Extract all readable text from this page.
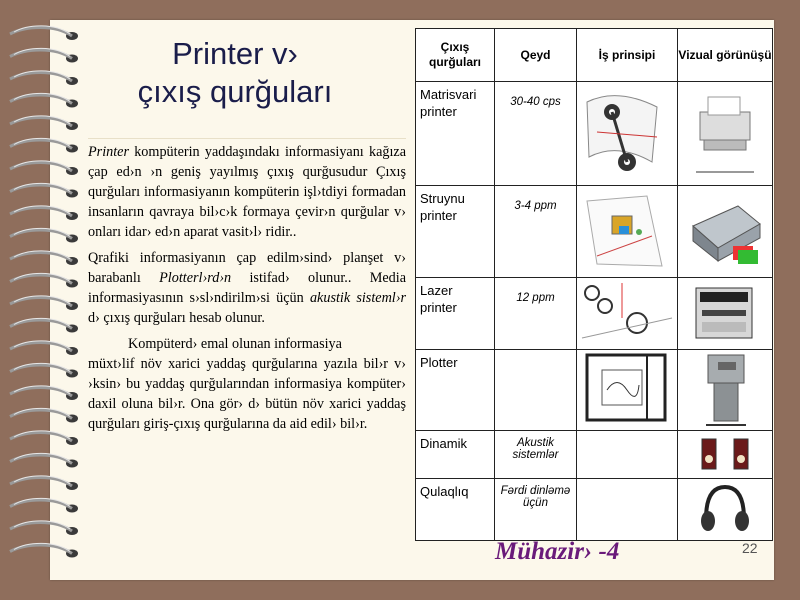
Printer v›
çıxış qurğuları

Printer kompüterin yaddaşındakı informasiyanı kağıza çap ed›n ›n geniş yayılmış çıxış qurğusudur Çıxış qurğuları informasiyanın kompüterin işl›tdiyi formadan insanların qavraya bil›c›k formaya çevir›n qurğular v› onları idar› ed›n aparat vasit›l› ridir..

Qrafiki informasiyanın çap edilm›sind› planşet v› barabanlı Plotterl›rd›n istifad› olunur.. Media informasiyasının s›sl›ndirilm›si üçün akustik sisteml›r d› çıxış qurğuları hesab olunur.

Kompüterd› emal olunan informasiya
müxt›lif növ xarici yaddaş qurğularına yazıla bil›r v› ›ksin› bu yaddaş qurğularından informasiya kompüter› daxil oluna bil›r. Ona gör› d› bütün növ xarici yaddaş qurğuları giriş-çıxış qurğularına da aid edil› bil›r.

Çıxış qurğuları	Qeyd	İş prinsipi	Vizual görünüşü
Matrisvari printer	30-40 cps	

Struynu printer	3-4 ppm	

Lazer printer	12 ppm	

Plotter		

Dinamik	Akustik sistemlər		

Qulaqlıq	Fərdi dinləmə üçün		
Mühazir› -4	22
